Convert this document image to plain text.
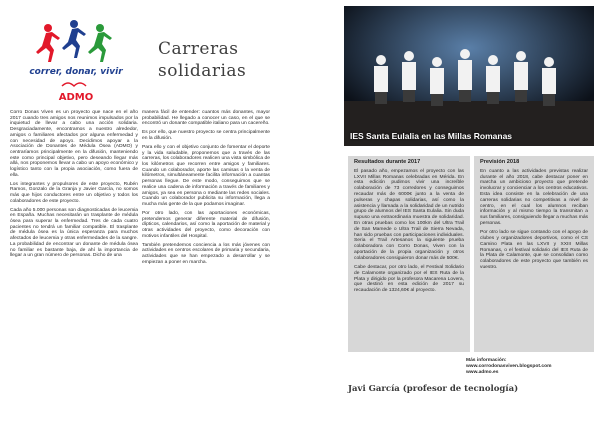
correr, donar, vivir
ADMO
Carreras
solidarias

Corro Donas Viven es un proyecto que nace en el año 2017 cuando tres amigos nos reunimos impulsados por la inquietud de llevar a cabo una acción solidaria. Desgraciadamente, encontramos a nuestro alrededor, amigos o familiares afectados por alguna enfermedad y con necesidad de apoyo. Decidimos apoyar a la Asociación de Donantes de Médula Ósea (ADMO) y centraríamos principalmente en la difusión, manteniendo este como principal objetivo, pero deseando llegar más allá, nos proponemos llevar a cabo un apoyo económico y logístico tanto con la propia asociación, como fuera de ella.

Los integrantes y propulsores de este proyecto, Rubén Ramos, Gonzalo de la Granja y Javier García, no somos más que hijos conductores entre un objetivo y todos los colaboradores de este proyecto.

Cada año 5.000 personas son diagnosticadas de leucemia en España. Muchas necesitarán un trasplante de médula ósea para superar la enfermedad. Tres de cada cuatro pacientes no tendrá un familiar compatible. El trasplante de médula ósea es la única esperanza para muchos afectados de leucemia y otras enfermedades de la sangre. La probabilidad de encontrar un donante de médula ósea no familiar es bastante baja, de ahí la importancia de llegar a un gran número de personas. Dicho de una

manera fácil de entender: cuantos más donantes, mayor probabilidad. He llegado a conocer un caso, en el que se encontró un donante compatible italiano para un cacereño.

Es por ello, que nuestro proyecto se centra principalmente en la difusión.

Para ello y con el objetivo conjunto de fomentar el deporte y la vida saludable, proponemos que a través de las carreras, los colaboradores realicen una vista simbólica de los kilómetros que recorren entre amigos y familiares. Cuando un colaborador, aporte las camisas o la venta de kilómetros, simultáneamente facilita información a cuantas personas llegue. De este modo, conseguimos que se realice una cadena de información a través de familiares y amigos, ya sea en persona o mediante las redes sociales. Cuando un colaborador publicita su información, llega a mucha más gente de la que podamos imaginar.

Por otro lado, con las aportaciones económicas, pretendemos generar diferente material de difusión, dípticos, calendarios, así como la aportación de material y otras actividades del proyecto, como decoración con motivos infantiles del Hospital.

También pretendemos conciencia a los más jóvenes con actividades en centros escolares de primaria y secundaria, actividades que se han empezado a desarrollar y se empiezan a poner en marcha.

IES Santa Eulalia en las Millas Romanas
Resultados durante 2017

El pasado año, empezamos el proyecto con las LXVII Millas Romanas celebradas en Mérida. En esta edición pudimos vivir una increíble colaboración de 73 corredores y conseguimos recaudar más de 6000€ junto a la venta de pulseras y chapas solidarias, así como la asistencia y llamada a la solidaridad de un nutrido grupo de alumnos del IES Santa Eulalia. Sin duda supuso una extraordinaria muestra de solidaridad. En otras pruebas como los 100km del Ultra Trail de San Mamede o Ultra Trail de Sierra Nevada, han sido pruebas con participaciones individuales. Seria el Trail Artesanos la siguiente prueba colaboradora con Corro Donas, Viven con la aportación de la propia organización y otros colaboradores consiguieron donar más de 500€.

Cabe destacar, por otro lado, el Festival Solidario de Calamonte organizado por el IES Ruta de la Plata y dirigido por la profesora Macarena Lovera, que destinó en esta edición de 2017 su recaudación de 1324,60€ al proyecto.

Previsión 2018

En cuanto a las actividades previstas realizar durante el año 2018, cabe destacar poner en marcha un ambicioso proyecto que pretende involucrar y concienciar a los centros educativos. Esta idea consiste en la celebración de una carreras solidarias no competitivas a nivel de centro, en el cual los alumnos reciban información y al mismo tiempo la transmitan a sus familiares, consiguiendo llegar a muchas más personas.

Por otro lado se sigue contando con el apoyo de clubes y organizadores deportivos, como el CS Camino Plata en las LXVII y XXIII Millas Romanas, o el festival solidario del IES Ruta de la Plata de Calamonte, que se consolidan como colaboradores de este proyecto que también es vuestro.

Javi García (profesor de tecnología)
Más información:
www.corrodonasviven.blogspot.com
www.admo.es
